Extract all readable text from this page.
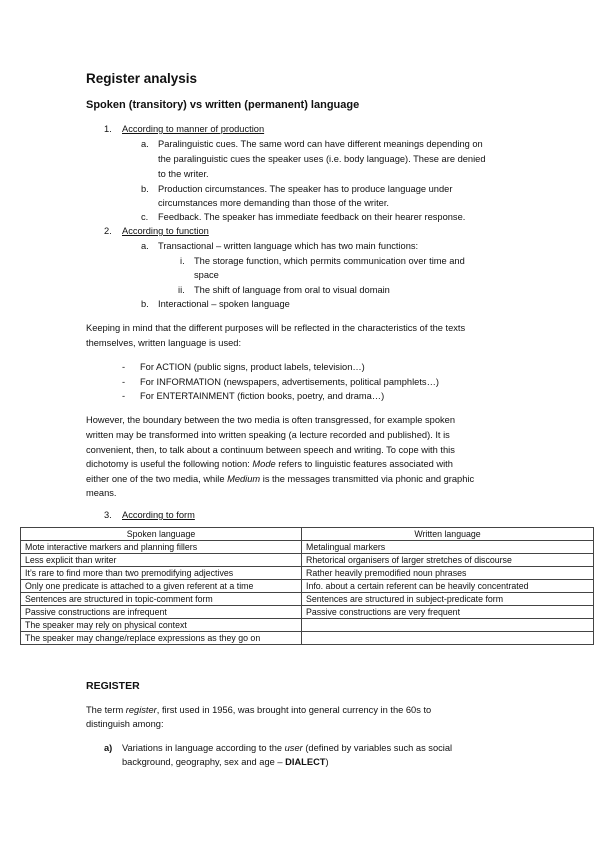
Register analysis
Spoken (transitory) vs written (permanent) language
1. According to manner of production
a. Paralinguistic cues. The same word can have different meanings depending on
the paralinguistic cues the speaker uses (i.e. body language). These are denied
to the writer.
b. Production circumstances. The speaker has to produce language under
circumstances more demanding than those of the writer.
c. Feedback. The speaker has immediate feedback on their hearer response.
2. According to function
a. Transactional – written language which has two main functions:
i. The storage function, which permits communication over time and
space
ii. The shift of language from oral to visual domain
b. Interactional – spoken language
Keeping in mind that the different purposes will be reflected in the characteristics of the texts
themselves, written language is used:
- For ACTION (public signs, product labels, television…)
- For INFORMATION (newspapers, advertisements, political pamphlets…)
- For ENTERTAINMENT (fiction books, poetry, and drama…)
However, the boundary between the two media is often transgressed, for example spoken
written may be transformed into written speaking (a lecture recorded and published). It is
convenient, then, to talk about a continuum between speech and writing. To cope with this
dichotomy is useful the following notion: Mode refers to linguistic features associated with
either one of the two media, while Medium is the messages transmitted via phonic and graphic
means.
3. According to form
Spoken language	Written language
Mote interactive markers and planning fillers	Metalingual markers
Less explicit than writer	Rhetorical organisers of larger stretches of discourse
It’s rare to find more than two premodifying adjectives	Rather heavily premodified noun phrases
Only one predicate is attached to a given referent at a time	Info. about a certain referent can be heavily concentrated
Sentences are structured in topic-comment form	Sentences are structured in subject-predicate form
Passive constructions are infrequent	Passive constructions are very frequent
The speaker may rely on physical context	
The speaker may change/replace expressions as they go on	
REGISTER
The term register, first used in 1956, was brought into general currency in the 60s to
distinguish among:
a) Variations in language according to the user (defined by variables such as social
background, geography, sex and age – DIALECT)
